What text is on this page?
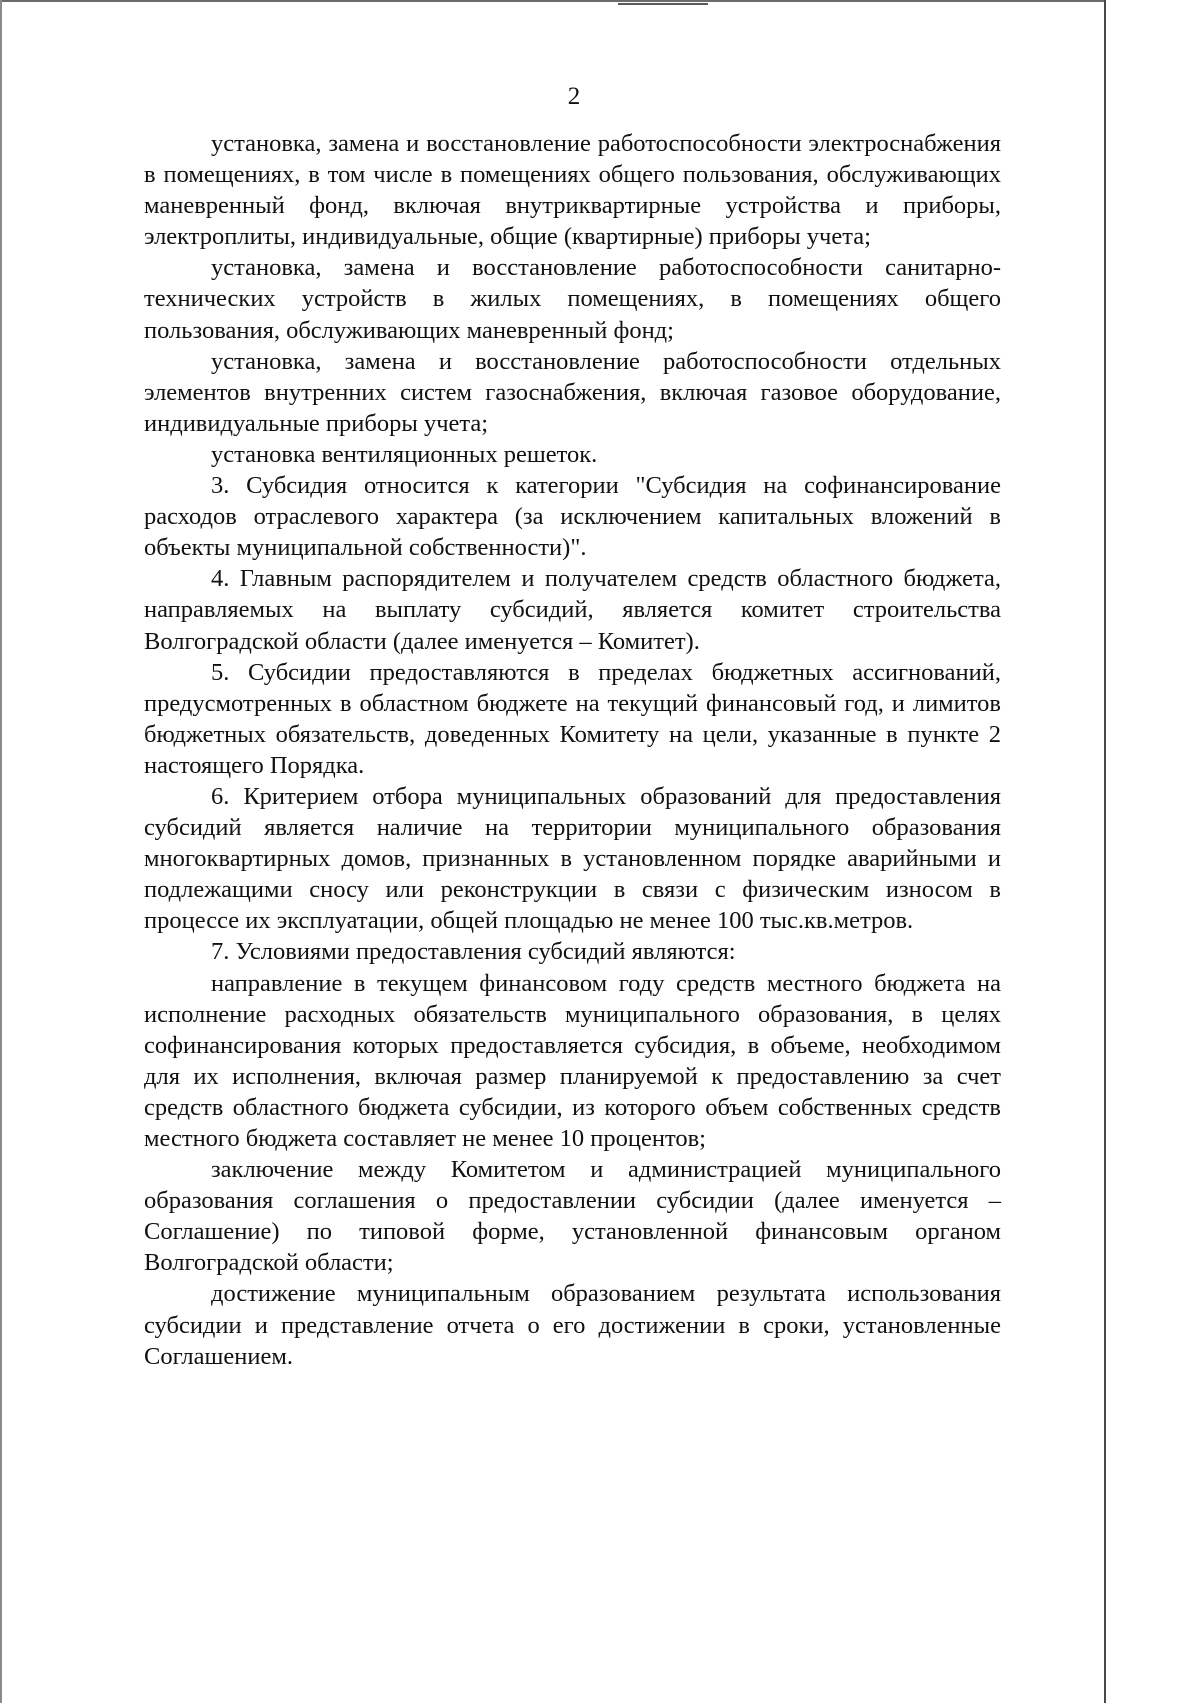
2

установка, замена и восстановление работоспособности электроснабжения в помещениях, в том числе в помещениях общего пользования, обслуживающих маневренный фонд, включая внутриквартирные устройства и приборы, электроплиты, индивидуальные, общие (квартирные) приборы учета;

установка, замена и восстановление работоспособности санитарно-технических устройств в жилых помещениях, в помещениях общего пользования, обслуживающих маневренный фонд;

установка, замена и восстановление работоспособности отдельных элементов внутренних систем газоснабжения, включая газовое оборудование, индивидуальные приборы учета;

установка вентиляционных решеток.

3. Субсидия относится к категории "Субсидия на софинансирование расходов отраслевого характера (за исключением капитальных вложений в объекты муниципальной собственности)".

4. Главным распорядителем и получателем средств областного бюджета, направляемых на выплату субсидий, является комитет строительства Волгоградской области (далее именуется – Комитет).

5. Субсидии предоставляются в пределах бюджетных ассигнований, предусмотренных в областном бюджете на текущий финансовый год, и лимитов бюджетных обязательств, доведенных Комитету на цели, указанные в пункте 2 настоящего Порядка.

6. Критерием отбора муниципальных образований для предоставления субсидий является наличие на территории муниципального образования многоквартирных домов, признанных в установленном порядке аварийными и подлежащими сносу или реконструкции в связи с физическим износом в процессе их эксплуатации, общей площадью не менее 100 тыс.кв.метров.

7. Условиями предоставления субсидий являются:

направление в текущем финансовом году средств местного бюджета на исполнение расходных обязательств муниципального образования, в целях софинансирования которых предоставляется субсидия, в объеме, необходимом для их исполнения, включая размер планируемой к предоставлению за счет средств областного бюджета субсидии, из которого объем собственных средств местного бюджета составляет не менее 10 процентов;

заключение между Комитетом и администрацией муниципального образования соглашения о предоставлении субсидии (далее именуется – Соглашение) по типовой форме, установленной финансовым органом Волгоградской области;

достижение муниципальным образованием результата использования субсидии и представление отчета о его достижении в сроки, установленные Соглашением.
